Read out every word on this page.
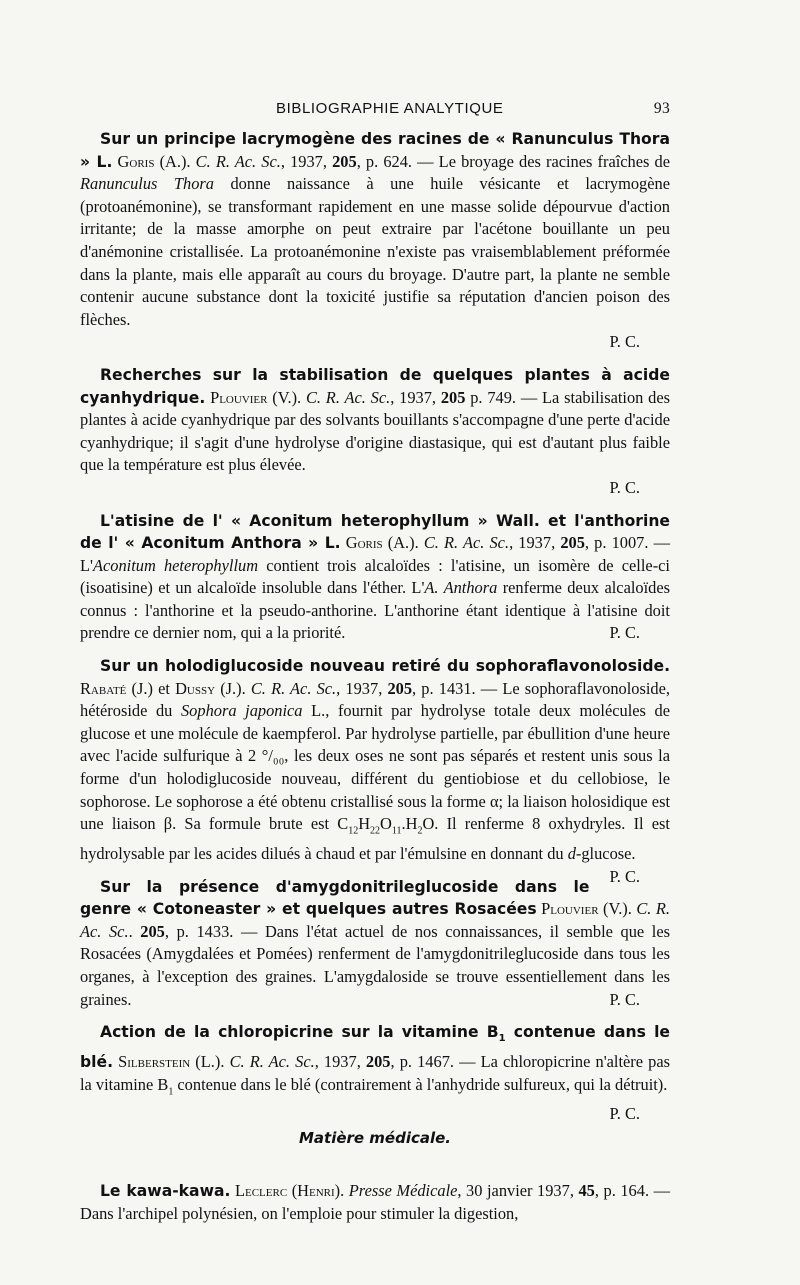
BIBLIOGRAPHIE ANALYTIQUE	93

Sur un principe lacrymogène des racines de « Ranunculus Thora » L. Goris (A.). C. R. Ac. Sc., 1937, 205, p. 624. — Le broyage des racines fraîches de Ranunculus Thora donne naissance à une huile vésicante et lacrymogène (protoanémonine), se transformant rapidement en une masse solide dépourvue d'action irritante; de la masse amorphe on peut extraire par l'acétone bouillante un peu d'anémonine cristallisée. La protoanémonine n'existe pas vraisemblablement préformée dans la plante, mais elle apparaît au cours du broyage. D'autre part, la plante ne semble contenir aucune substance dont la toxicité justifie sa réputation d'ancien poison des flèches.

P. C.

Recherches sur la stabilisation de quelques plantes à acide cyanhydrique. Plouvier (V.). C. R. Ac. Sc., 1937, 205 p. 749. — La stabilisation des plantes à acide cyanhydrique par des solvants bouillants s'accompagne d'une perte d'acide cyanhydrique; il s'agit d'une hydrolyse d'origine diastasique, qui est d'autant plus faible que la température est plus élevée.

P. C.

L'atisine de l' « Aconitum heterophyllum » Wall. et l'anthorine de l' « Aconitum Anthora » L. Goris (A.). C. R. Ac. Sc., 1937, 205, p. 1007. — L'Aconitum heterophyllum contient trois alcaloïdes : l'atisine, un isomère de celle-ci (isoatisine) et un alcaloïde insoluble dans l'éther. L'A. Anthora renferme deux alcaloïdes connus : l'anthorine et la pseudo-anthorine. L'anthorine étant identique à l'atisine doit prendre ce dernier nom, qui a la priorité.	P. C.

Sur un holodiglucoside nouveau retiré du sophoraflavonoloside. Rabaté (J.) et Dussy (J.). C. R. Ac. Sc., 1937, 205, p. 1431. — Le sophoraflavonoloside, hétéroside du Sophora japonica L., fournit par hydrolyse totale deux molécules de glucose et une molécule de kaempferol. Par hydrolyse partielle, par ébullition d'une heure avec l'acide sulfurique à 2 °/₀₀, les deux oses ne sont pas séparés et restent unis sous la forme d'un holodiglucoside nouveau, différent du gentiobiose et du cellobiose, le sophorose. Le sophorose a été obtenu cristallisé sous la forme α; la liaison holosidique est une liaison β. Sa formule brute est $C_{12}H_{22}O_{11}.H_2O$. Il renferme 8 oxhydryles. Il est hydrolysable par les acides dilués à chaud et par l'émulsine en donnant du d-glucose.
P. C.

Sur la présence d'amygdonitrileglucoside dans le genre « Cotoneaster » et quelques autres Rosacées Plouvier (V.). C. R. Ac. Sc.. 205, p. 1433. — Dans l'état actuel de nos connaissances, il semble que les Rosacées (Amygdalées et Pomées) renferment de l'amygdonitrileglucoside dans tous les organes, à l'exception des graines. L'amygdaloside se trouve essentiellement dans les graines.	P. C.

Action de la chloropicrine sur la vitamine $B_1$ contenue dans le blé. Silberstein (L.). C. R. Ac. Sc., 1937, 205, p. 1467. — La chloropicrine n'altère pas la vitamine $B_1$ contenue dans le blé (contrairement à l'anhydride sulfureux, qui la détruit).
P. C.

Matière médicale.

Le kawa-kawa. Leclerc (Henri). Presse Médicale, 30 janvier 1937, 45, p. 164. — Dans l'archipel polynésien, on l'emploie pour stimuler la digestion,
